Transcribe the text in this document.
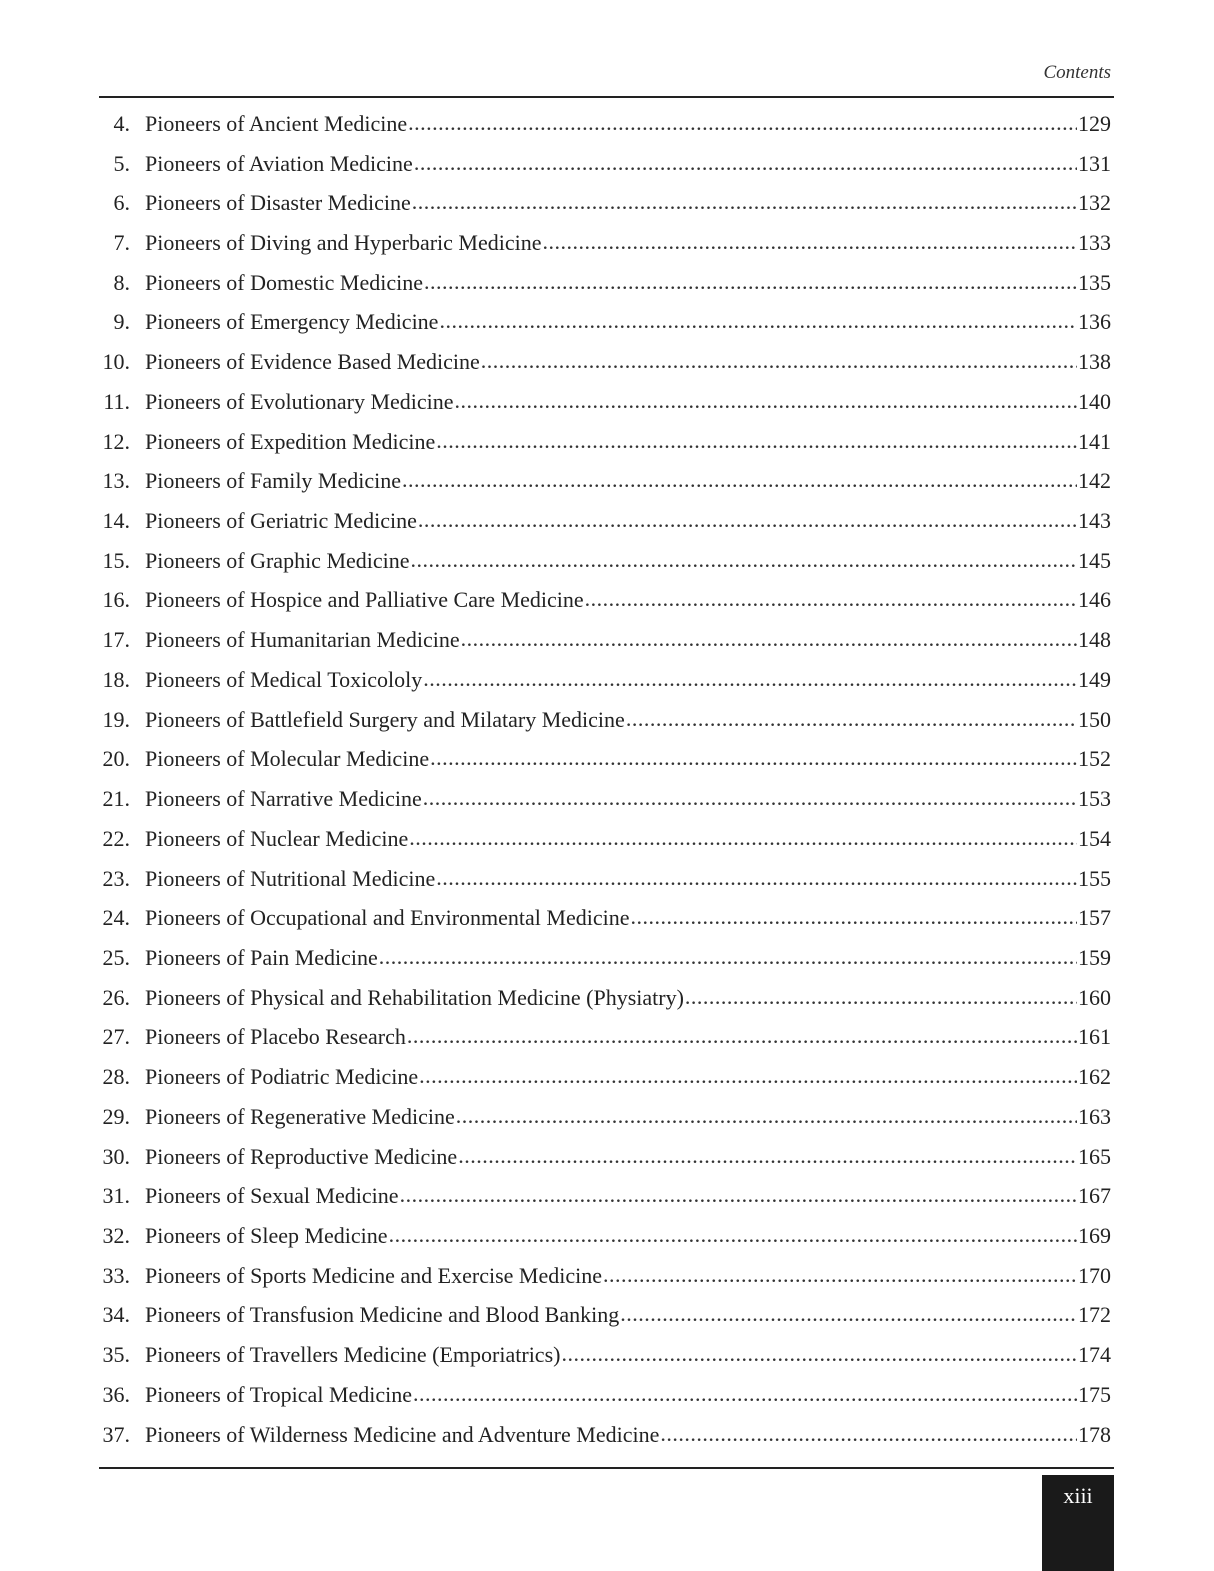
Contents
4. Pioneers of Ancient Medicine .....	129
5. Pioneers of Aviation Medicine .....	131
6. Pioneers of Disaster Medicine .....	132
7. Pioneers of Diving and Hyperbaric Medicine .....	133
8. Pioneers of Domestic Medicine .....	135
9. Pioneers of Emergency Medicine .....	136
10. Pioneers of Evidence Based Medicine .....	138
11. Pioneers of Evolutionary Medicine .....	140
12. Pioneers of Expedition Medicine .....	141
13. Pioneers of Family Medicine .....	142
14. Pioneers of Geriatric Medicine .....	143
15. Pioneers of Graphic Medicine .....	145
16. Pioneers of Hospice and Palliative Care Medicine .....	146
17. Pioneers of Humanitarian Medicine .....	148
18. Pioneers of Medical Toxicololy .....	149
19. Pioneers of Battlefield Surgery and Milatary Medicine .....	150
20. Pioneers of Molecular Medicine .....	152
21. Pioneers of Narrative Medicine .....	153
22. Pioneers of Nuclear Medicine .....	154
23. Pioneers of Nutritional Medicine .....	155
24. Pioneers of Occupational and Environmental Medicine .....	157
25. Pioneers of Pain Medicine .....	159
26. Pioneers of Physical and Rehabilitation Medicine (Physiatry) .....	160
27. Pioneers of Placebo Research .....	161
28. Pioneers of Podiatric Medicine .....	162
29. Pioneers of Regenerative Medicine .....	163
30. Pioneers of Reproductive Medicine .....	165
31. Pioneers of Sexual Medicine .....	167
32. Pioneers of Sleep Medicine .....	169
33. Pioneers of Sports Medicine and Exercise Medicine .....	170
34. Pioneers of Transfusion Medicine and Blood Banking .....	172
35. Pioneers of Travellers Medicine (Emporiatrics) .....	174
36. Pioneers of Tropical Medicine .....	175
37. Pioneers of Wilderness Medicine and Adventure Medicine .....	178
xiii
